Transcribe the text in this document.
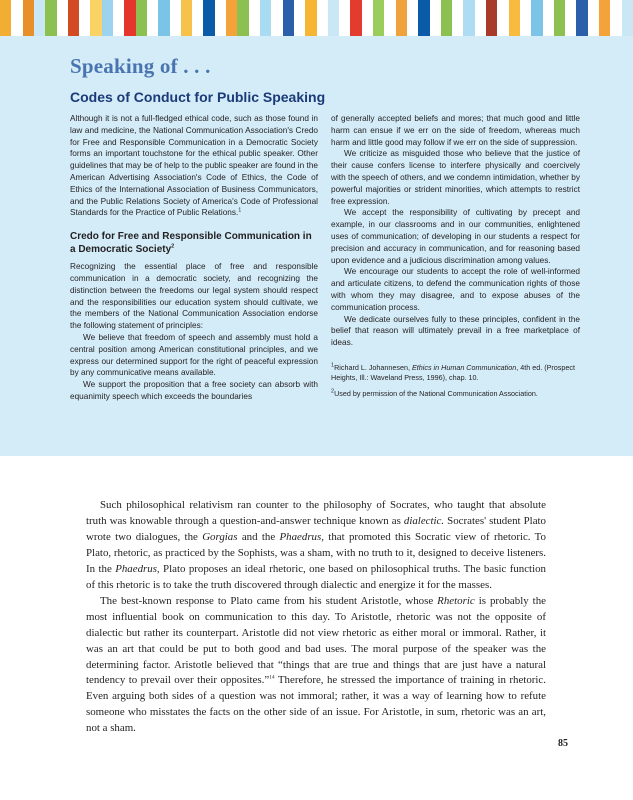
Speaking of . . .
Codes of Conduct for Public Speaking

Although it is not a full-fledged ethical code, such as those found in law and medicine, the National Communication Association's Credo for Free and Responsible Communication in a Democratic Society forms an important touchstone for the ethical public speaker. Other guidelines that may be of help to the public speaker are found in the American Advertising Association's Code of Ethics, the Code of Ethics of the International Association of Business Communicators, and the Public Relations Society of America's Code of Professional Standards for the Practice of Public Relations.$^1$

Credo for Free and Responsible Communication in a Democratic Society$^2$

Recognizing the essential place of free and responsible communication in a democratic society, and recognizing the distinction between the freedoms our legal system should respect and the responsibilities our education system should cultivate, we the members of the National Communication Association endorse the following statement of principles:

We believe that freedom of speech and assembly must hold a central position among American constitutional principles, and we express our determined support for the right of peaceful expression by any communicative means available.

We support the proposition that a free society can absorb with equanimity speech which exceeds the boundaries

of generally accepted beliefs and mores; that much good and little harm can ensue if we err on the side of freedom, whereas much harm and little good may follow if we err on the side of suppression.

We criticize as misguided those who believe that the justice of their cause confers license to interfere physically and coercively with the speech of others, and we condemn intimidation, whether by powerful majorities or strident minorities, which attempts to restrict free expression.

We accept the responsibility of cultivating by precept and example, in our classrooms and in our communities, enlightened uses of communication; of developing in our students a respect for precision and accuracy in communication, and for reasoning based upon evidence and a judicious discrimination among values.

We encourage our students to accept the role of well-informed and articulate citizens, to defend the communication rights of those with whom they may disagree, and to expose abuses of the communication process.

We dedicate ourselves fully to these principles, confident in the belief that reason will ultimately prevail in a free marketplace of ideas.

$^1$Richard L. Johannesen, Ethics in Human Communication, 4th ed. (Prospect Heights, Ill.: Waveland Press, 1996), chap. 10.

$^2$Used by permission of the National Communication Association.

Such philosophical relativism ran counter to the philosophy of Socrates, who taught that absolute truth was knowable through a question-and-answer technique known as dialectic. Socrates' student Plato wrote two dialogues, the Gorgias and the Phaedrus, that promoted this Socratic view of rhetoric. To Plato, rhetoric, as practiced by the Sophists, was a sham, with no truth to it, designed to deceive listeners. In the Phaedrus, Plato proposes an ideal rhetoric, one based on philosophical truths. The basic function of this rhetoric is to take the truth discovered through dialectic and energize it for the masses.

The best-known response to Plato came from his student Aristotle, whose Rhetoric is probably the most influential book on communication to this day. To Aristotle, rhetoric was not the opposite of dialectic but rather its counterpart. Aristotle did not view rhetoric as either moral or immoral. Rather, it was an art that could be put to both good and bad uses. The moral purpose of the speaker was the determining factor. Aristotle believed that “things that are true and things that are just have a natural tendency to prevail over their opposites.”$^{14}$ Therefore, he stressed the importance of training in rhetoric. Even arguing both sides of a question was not immoral; rather, it was a way of learning how to refute someone who misstates the facts on the other side of an issue. For Aristotle, in sum, rhetoric was an art, not a sham.

85
